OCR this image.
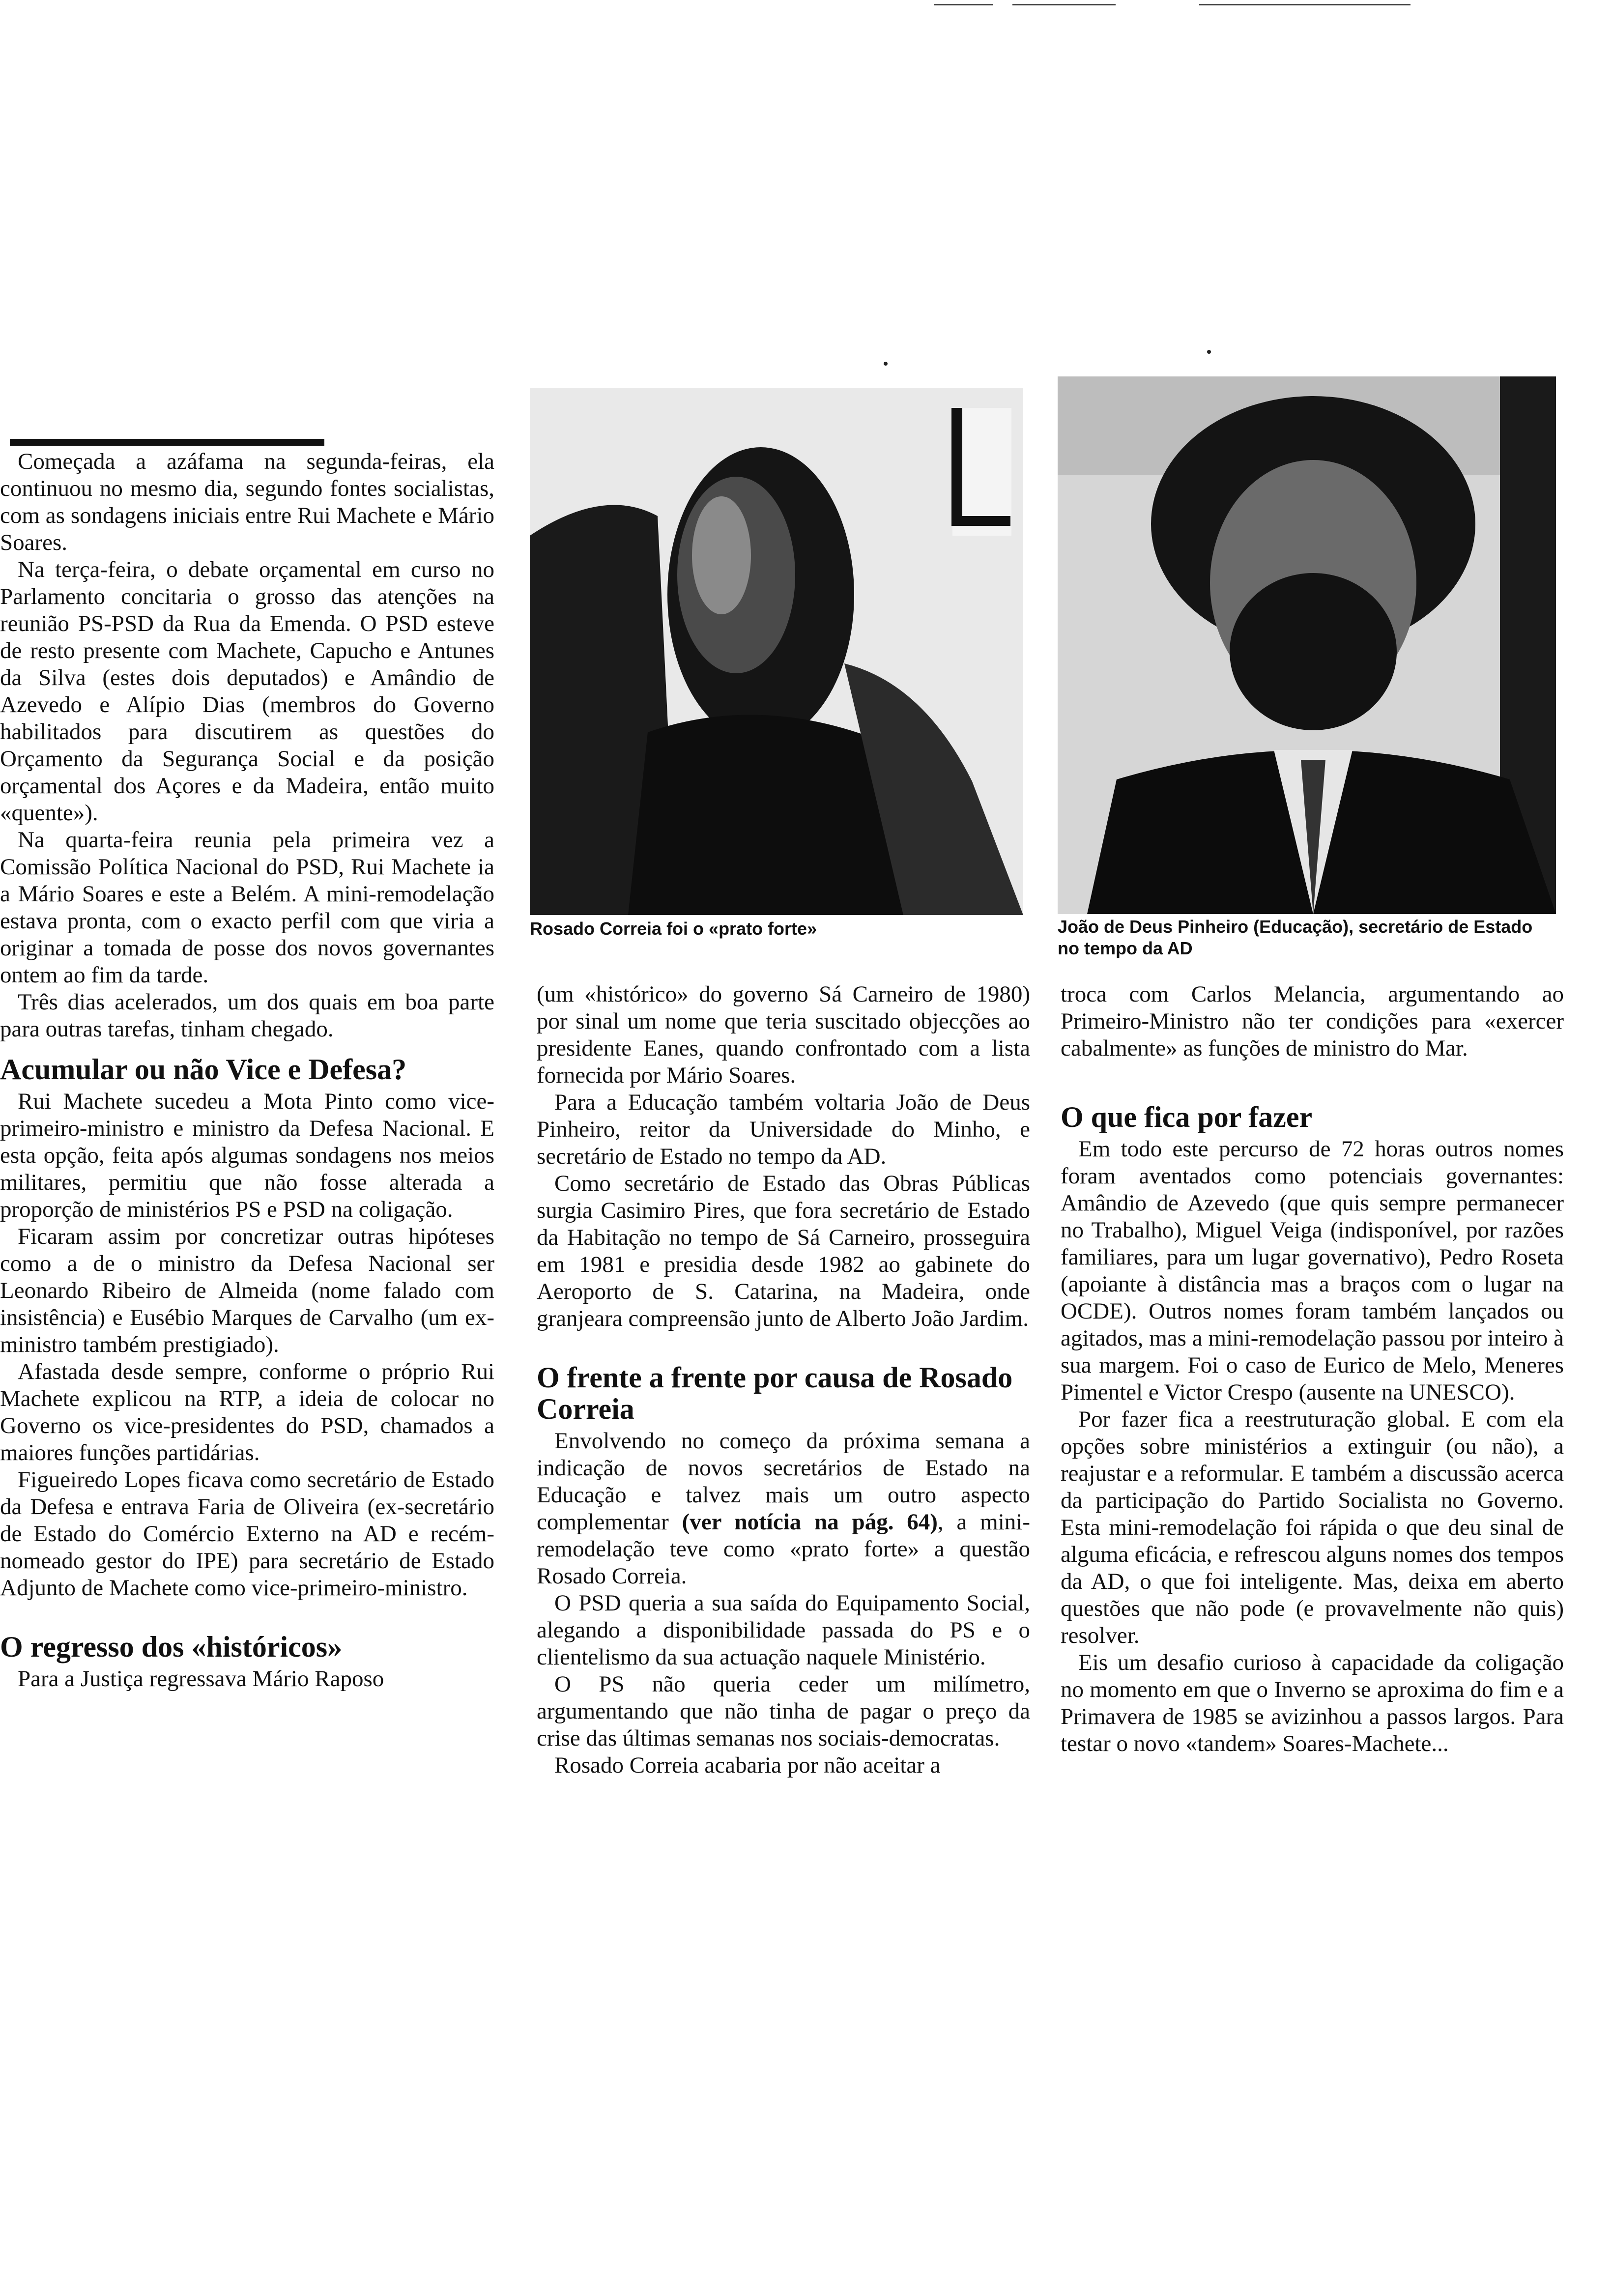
Começada a azáfama na segunda-feiras, ela continuou no mesmo dia, segundo fontes socialistas, com as sondagens iniciais entre Rui Machete e Mário Soares.

Na terça-feira, o debate orçamental em curso no Parlamento concitaria o grosso das atenções na reunião PS-PSD da Rua da Emenda. O PSD esteve de resto presente com Machete, Capucho e Antunes da Silva (estes dois deputados) e Amândio de Azevedo e Alípio Dias (membros do Governo habilitados para discutirem as questões do Orçamento da Segurança Social e da posição orçamental dos Açores e da Madeira, então muito «quente»).

Na quarta-feira reunia pela primeira vez a Comissão Política Nacional do PSD, Rui Machete ia a Mário Soares e este a Belém. A mini-remodelação estava pronta, com o exacto perfil com que viria a originar a tomada de posse dos novos governantes ontem ao fim da tarde.

Três dias acelerados, um dos quais em boa parte para outras tarefas, tinham chegado.

Acumular ou não Vice e Defesa?

Rui Machete sucedeu a Mota Pinto como vice-primeiro-ministro e ministro da Defesa Nacional. E esta opção, feita após algumas sondagens nos meios militares, permitiu que não fosse alterada a proporção de ministérios PS e PSD na coligação.

Ficaram assim por concretizar outras hipóteses como a de o ministro da Defesa Nacional ser Leonardo Ribeiro de Almeida (nome falado com insistência) e Eusébio Marques de Carvalho (um ex-ministro também prestigiado).

Afastada desde sempre, conforme o próprio Rui Machete explicou na RTP, a ideia de colocar no Governo os vice-presidentes do PSD, chamados a maiores funções partidárias.

Figueiredo Lopes ficava como secretário de Estado da Defesa e entrava Faria de Oliveira (ex-secretário de Estado do Comércio Externo na AD e recém-nomeado gestor do IPE) para secretário de Estado Adjunto de Machete como vice-primeiro-ministro.

O regresso dos «históricos»

Para a Justiça regressava Mário Raposo

Rosado Correia foi o «prato forte»	João de Deus Pinheiro (Educação), secretário de Estado no tempo da AD

(um «histórico» do governo Sá Carneiro de 1980) por sinal um nome que teria suscitado objecções ao presidente Eanes, quando confrontado com a lista fornecida por Mário Soares.

Para a Educação também voltaria João de Deus Pinheiro, reitor da Universidade do Minho, e secretário de Estado no tempo da AD.

Como secretário de Estado das Obras Públicas surgia Casimiro Pires, que fora secretário de Estado da Habitação no tempo de Sá Carneiro, prosseguira em 1981 e presidia desde 1982 ao gabinete do Aeroporto de S. Catarina, na Madeira, onde granjeara compreensão junto de Alberto João Jardim.

O frente a frente por causa de Rosado Correia

Envolvendo no começo da próxima semana a indicação de novos secretários de Estado na Educação e talvez mais um outro aspecto complementar (ver notícia na pág. 64), a mini-remodelação teve como «prato forte» a questão Rosado Correia.

O PSD queria a sua saída do Equipamento Social, alegando a disponibilidade passada do PS e o clientelismo da sua actuação naquele Ministério.

O PS não queria ceder um milímetro, argumentando que não tinha de pagar o preço da crise das últimas semanas nos sociais-democratas.

Rosado Correia acabaria por não aceitar a

troca com Carlos Melancia, argumentando ao Primeiro-Ministro não ter condições para «exercer cabalmente» as funções de ministro do Mar.

O que fica por fazer

Em todo este percurso de 72 horas outros nomes foram aventados como potenciais governantes: Amândio de Azevedo (que quis sempre permanecer no Trabalho), Miguel Veiga (indisponível, por razões familiares, para um lugar governativo), Pedro Roseta (apoiante à distância mas a braços com o lugar na OCDE). Outros nomes foram também lançados ou agitados, mas a mini-remodelação passou por inteiro à sua margem. Foi o caso de Eurico de Melo, Meneres Pimentel e Victor Crespo (ausente na UNESCO).

Por fazer fica a reestruturação global. E com ela opções sobre ministérios a extinguir (ou não), a reajustar e a reformular. E também a discussão acerca da participação do Partido Socialista no Governo. Esta mini-remodelação foi rápida o que deu sinal de alguma eficácia, e refrescou alguns nomes dos tempos da AD, o que foi inteligente. Mas, deixa em aberto questões que não pode (e provavelmente não quis) resolver.

Eis um desafio curioso à capacidade da coligação no momento em que o Inverno se aproxima do fim e a Primavera de 1985 se avizinhou a passos largos. Para testar o novo «tandem» Soares-Machete...
